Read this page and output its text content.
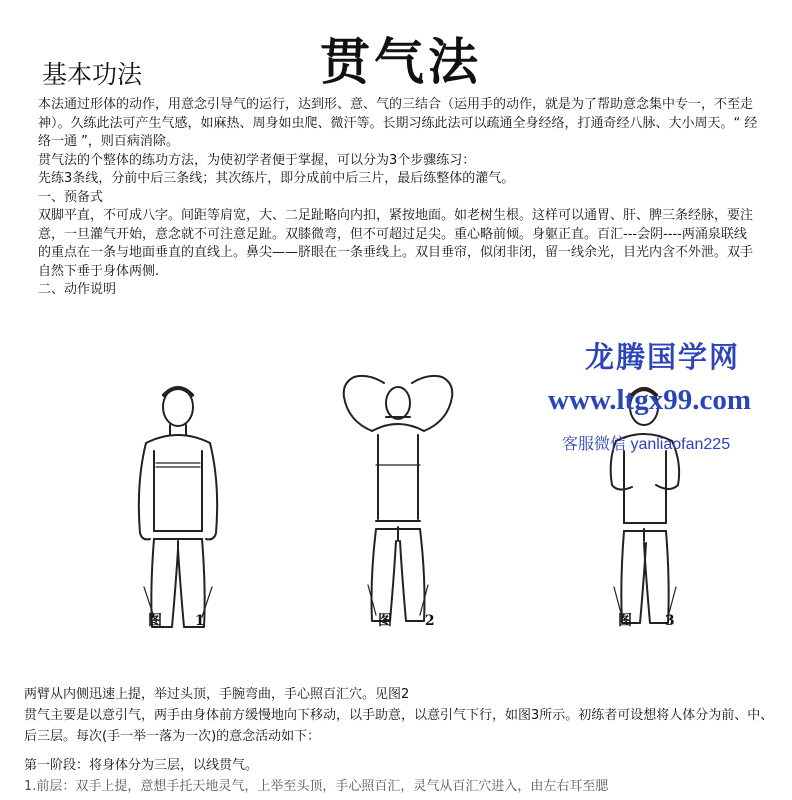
贯气法
基本功法

本法通过形体的动作，用意念引导气的运行，达到形、意、气的三结合（运用手的动作，就是为了帮助意念集中专一，不至走神）。久练此法可产生气感，如麻热、周身如虫爬、微汗等。长期习练此法可以疏通全身经络，打通奇经八脉、大小周天。“ 经络一通 ”，则百病消除。

贯气法的个整体的练功方法，为使初学者便于掌握，可以分为3个步骤练习：

先练3条线，分前中后三条线；其次练片，即分成前中后三片，最后练整体的灌气。

一、预备式

双脚平直，不可成八字。间距等肩宽，大、二足趾略向内扣，紧按地面。如老树生根。这样可以通胃、肝、脾三条经脉，要注意，一旦灌气开始，意念就不可注意足趾。双膝微弯，但不可超过足尖。重心略前倾。身躯正直。百汇---会阴----两涌泉联线的重点在一条与地面垂直的直线上。鼻尖——脐眼在一条垂线上。双目垂帘，似闭非闭，留一线余光，目光内含不外泄。双手自然下垂于身体两侧.

二、动作说明

图 1	图 2	图 3
龙腾国学网
www.ltgx99.com
客服微信 yanliaofan225

两臂从内侧迅速上提，举过头顶，手腕弯曲，手心照百汇穴。见图2

贯气主要是以意引气，两手由身体前方缓慢地向下移动，以手助意，以意引气下行，如图3所示。初练者可设想将人体分为前、中、后三层。每次(手一举一落为一次)的意念活动如下：

第一阶段：将身体分为三层，以线贯气。

1.前层：双手上提，意想手托天地灵气，上举至头顶，手心照百汇，灵气从百汇穴进入，由左右耳至腮
